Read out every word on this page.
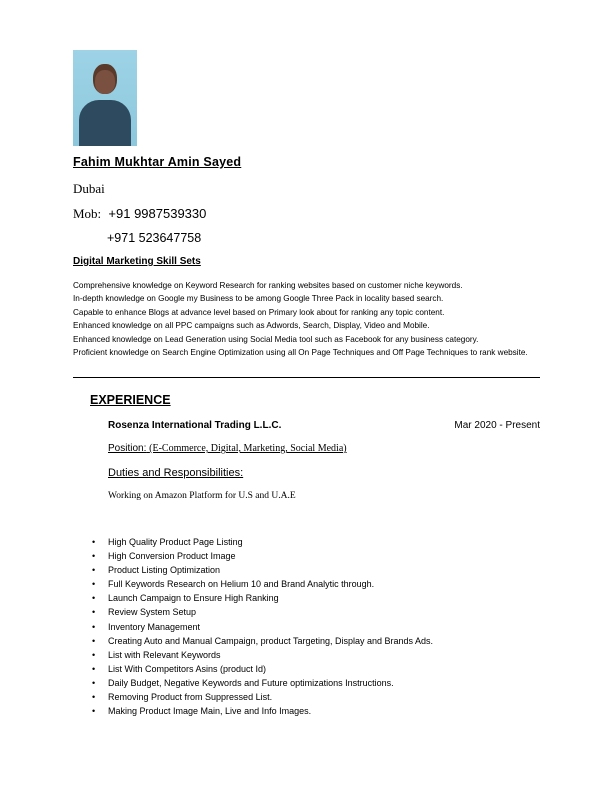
Fahim Mukhtar Amin Sayed
Dubai
Mob: +91 9987539330
+971 523647758
Digital Marketing Skill Sets
Comprehensive knowledge on Keyword Research for ranking websites based on customer niche keywords.
In-depth knowledge on Google my Business to be among Google Three Pack in locality based search.
Capable to enhance Blogs at advance level based on Primary look about for ranking any topic content.
Enhanced knowledge on all PPC campaigns such as Adwords, Search, Display, Video and Mobile.
Enhanced knowledge on Lead Generation using Social Media tool such as Facebook for any business category.
Proficient knowledge on Search Engine Optimization using all On Page Techniques and Off Page Techniques to rank website.
EXPERIENCE
Rosenza International Trading L.L.C.	Mar 2020 - Present
Position: (E-Commerce, Digital, Marketing, Social Media)
Duties and Responsibilities:
Working on Amazon Platform for U.S and U.A.E
• High Quality Product Page Listing
• High Conversion Product Image
• Product Listing Optimization
• Full Keywords Research on Helium 10 and Brand Analytic through.
• Launch Campaign to Ensure High Ranking
• Review System Setup
• Inventory Management
• Creating Auto and Manual Campaign, product Targeting, Display and Brands Ads.
• List with Relevant Keywords
• List With Competitors Asins (product Id)
• Daily Budget, Negative Keywords and Future optimizations Instructions.
• Removing Product from Suppressed List.
• Making Product Image Main, Live and Info Images.
